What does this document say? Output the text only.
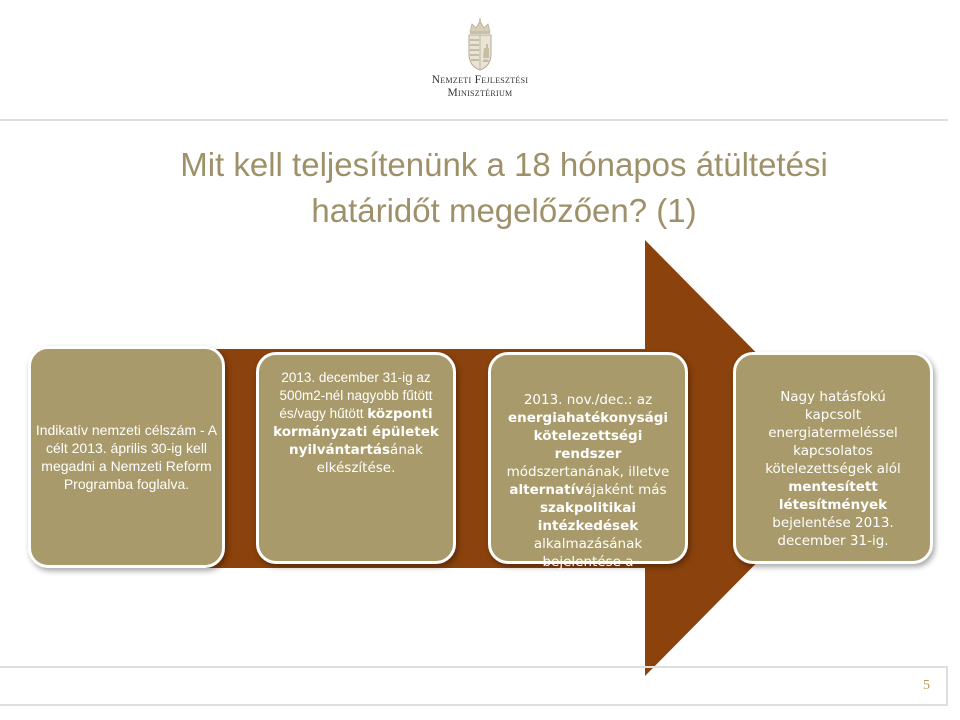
Nemzeti Fejlesztési
Minisztérium
Mit kell teljesítenünk a 18 hónapos átültetési
határidőt megelőzően? (1)
Indikatív nemzeti célszám - A célt 2013. április 30-ig kell megadni a Nemzeti Reform Programba foglalva.
2013. december 31-ig az 500m2-nél nagyobb fűtött és/vagy hűtött központi kormányzati épületek nyilvántartásának elkészítése.
2013. nov./dec.: az energiahatékonysági kötelezettségi rendszer módszertanának, illetve alternatívájaként más szakpolitikai intézkedések alkalmazásának bejelentése a Bizottságnak.
Nagy hatásfokú kapcsolt energiatermeléssel kapcsolatos kötelezettségek alól mentesített létesítmények bejelentése 2013. december 31-ig.
5
